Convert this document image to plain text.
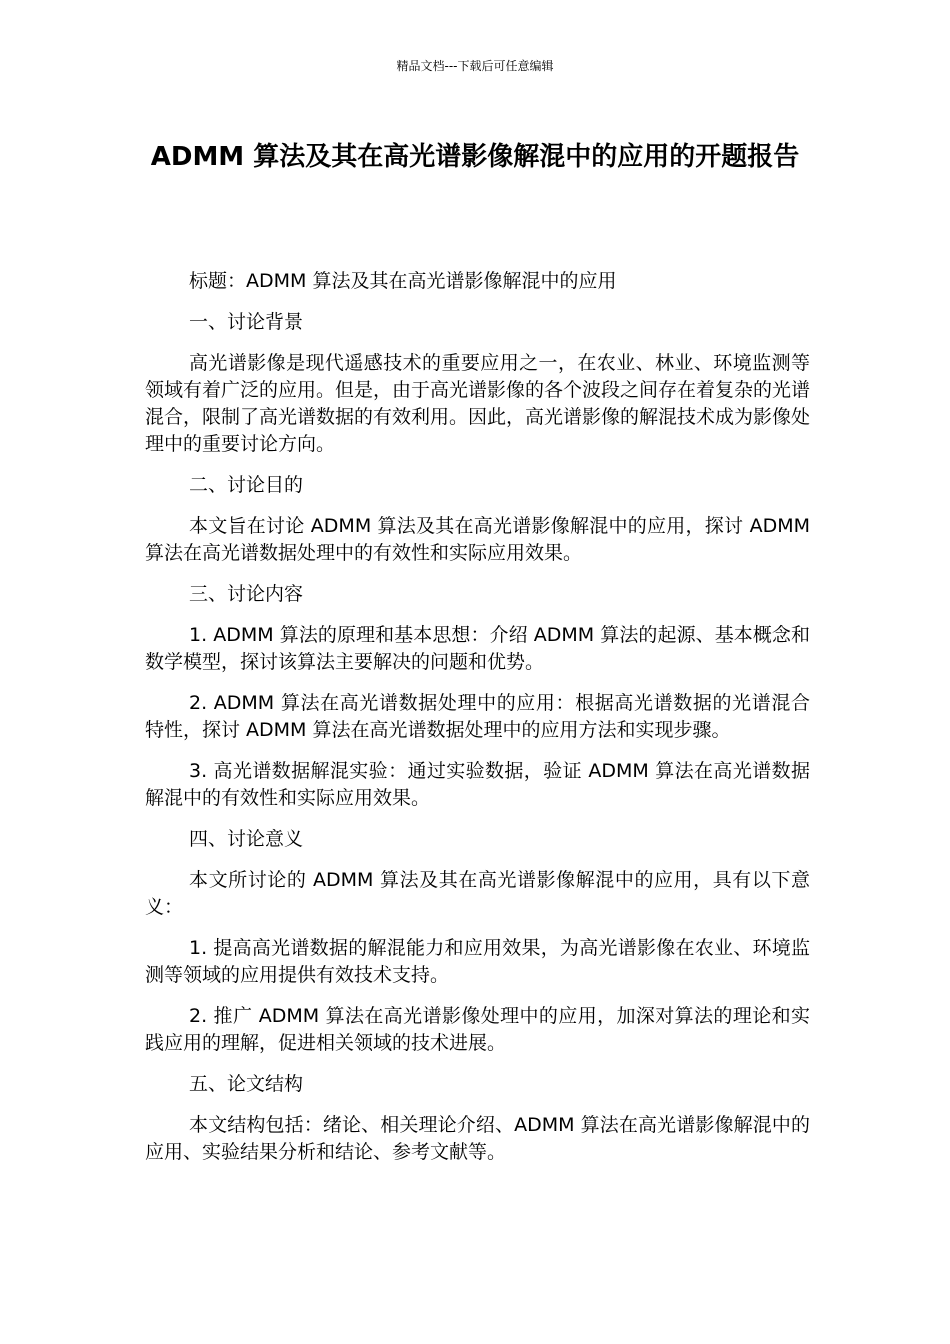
精品文档---下载后可任意编辑
ADMM 算法及其在高光谱影像解混中的应用的开题报告

标题：ADMM 算法及其在高光谱影像解混中的应用

一、讨论背景

高光谱影像是现代遥感技术的重要应用之一，在农业、林业、环境监测等领域有着广泛的应用。但是，由于高光谱影像的各个波段之间存在着复杂的光谱混合，限制了高光谱数据的有效利用。因此，高光谱影像的解混技术成为影像处理中的重要讨论方向。

二、讨论目的

本文旨在讨论 ADMM 算法及其在高光谱影像解混中的应用，探讨 ADMM 算法在高光谱数据处理中的有效性和实际应用效果。

三、讨论内容

1. ADMM 算法的原理和基本思想：介绍 ADMM 算法的起源、基本概念和数学模型，探讨该算法主要解决的问题和优势。

2. ADMM 算法在高光谱数据处理中的应用：根据高光谱数据的光谱混合特性，探讨 ADMM 算法在高光谱数据处理中的应用方法和实现步骤。

3. 高光谱数据解混实验：通过实验数据，验证 ADMM 算法在高光谱数据解混中的有效性和实际应用效果。

四、讨论意义

本文所讨论的 ADMM 算法及其在高光谱影像解混中的应用，具有以下意义：

1. 提高高光谱数据的解混能力和应用效果，为高光谱影像在农业、环境监测等领域的应用提供有效技术支持。

2. 推广 ADMM 算法在高光谱影像处理中的应用，加深对算法的理论和实践应用的理解，促进相关领域的技术进展。

五、论文结构

本文结构包括：绪论、相关理论介绍、ADMM 算法在高光谱影像解混中的应用、实验结果分析和结论、参考文献等。
